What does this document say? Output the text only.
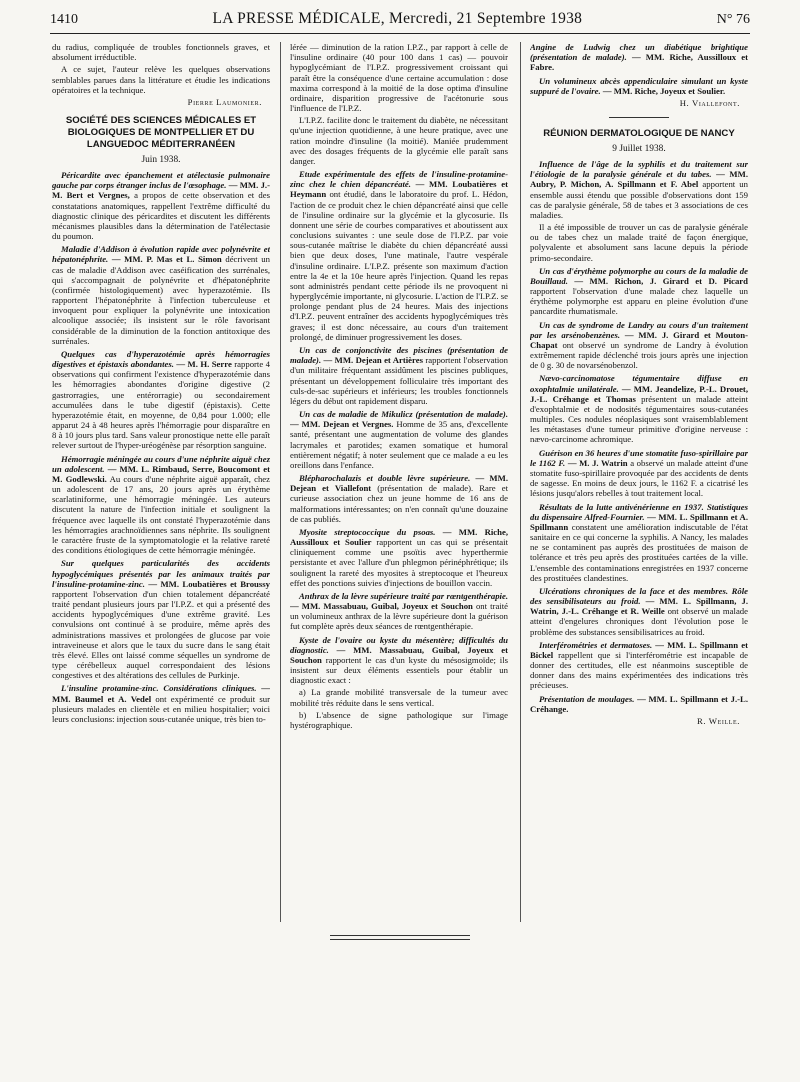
1410	LA PRESSE MÉDICALE, Mercredi, 21 Septembre 1938	N° 76

du radius, compliquée de troubles fonctionnels graves, et absolument irréductible.

A ce sujet, l'auteur relève les quelques observations semblables parues dans la littérature et étudie les indications opératoires et la technique.

Pierre Laumonier.

SOCIÉTÉ DES SCIENCES MÉDICALES ET BIOLOGIQUES DE MONTPELLIER ET DU LANGUEDOC MÉDITERRANÉEN

Juin 1938.

Péricardite avec épanchement et atélectasie pulmonaire gauche par corps étranger inclus de l'œsophage. — MM. J.-M. Bert et Vergnes, a propos de cette observation et des constatations anatomiques, rappellent l'extrême difficulté du diagnostic clinique des péricardites et discutent les différents mécanismes plausibles dans la détermination de l'atélectasie du poumon.

Maladie d'Addison à évolution rapide avec polynévrite et hépatonéphrite. — MM. P. Mas et L. Simon décrivent un cas de maladie d'Addison avec caséification des surrénales, qui s'accompagnait de polynévrite et d'hépatonéphrite (confirmée histologiquement) avec hyperazotémie. Ils rapportent l'hépatonéphrite à l'infection tuberculeuse et invoquent pour expliquer la polynévrite une intoxication alcoolique associée; ils insistent sur le rôle favorisant considérable de la diminution de la fonction antitoxique des surrénales.

Quelques cas d'hyperazotémie après hémorragies digestives et épistaxis abondantes. — M. H. Serre rapporte 4 observations qui confirment l'existence d'hyperazotémie dans les hémorragies abondantes d'origine digestive (2 gastrorragies, une entérorragie) ou secondairement accumulées dans le tube digestif (épistaxis). Cette hyperazotémie était, en moyenne, de 0,84 pour 1.000; elle apparut 24 à 48 heures après l'hémorragie pour disparaître en 8 à 10 jours plus tard. Sans valeur pronostique nette elle paraît relever surtout de l'hyper-uréogénèse par résorption sanguine.

Hémorragie méningée au cours d'une néphrite aiguë chez un adolescent. — MM. L. Rimbaud, Serre, Boucomont et M. Godlewski. Au cours d'une néphrite aiguë apparaît, chez un adolescent de 17 ans, 20 jours après un érythème scarlatiniforme, une hémorragie méningée. Les auteurs discutent la nature de l'infection initiale et soulignent la fréquence avec laquelle ils ont constaté l'hyperazotémie dans les hémorragies arachnoïdiennes sans néphrite. Ils soulignent le caractère fruste de la symptomatologie et la relative rareté des conditions étiologiques de cette hémorragie méningée.

Sur quelques particularités des accidents hypoglycémiques présentés par les animaux traités par l'insuline-protamine-zinc. — MM. Loubatières et Broussy rapportent l'observation d'un chien totalement dépancréaté traité pendant plusieurs jours par l'I.P.Z. et qui a présenté des accidents hypoglycémiques d'une extrême gravité. Les convulsions ont continué à se produire, même après des administrations massives et prolongées de glucose par voie intraveineuse et alors que le taux du sucre dans le sang était très élevé. Elles ont laissé comme séquelles un syndrome de type cérébelleux auquel correspondaient des lésions congestives et des altérations des cellules de Purkinje.

L'insuline protamine-zinc. Considérations cliniques. — MM. Baumel et A. Vedel ont expérimenté ce produit sur plusieurs malades en clientèle et en milieu hospitalier; voici leurs conclusions: injection sous-cutanée unique, très bien to-

lérée — diminution de la ration I.P.Z., par rapport à celle de l'insuline ordinaire (40 pour 100 dans 1 cas) — pouvoir hypoglycémiant de l'I.P.Z. progressivement croissant qui paraît être la conséquence d'une certaine accumulation : dose maxima correspond à la moitié de la dose optima d'insuline ordinaire, disparition progressive de l'acétonurie sous l'influence de l'I.P.Z.

L'I.P.Z. facilite donc le traitement du diabète, ne nécessitant qu'une injection quotidienne, à une heure pratique, avec une ration moindre d'insuline (la moitié). Maniée prudemment avec des dosages fréquents de la glycémie elle paraît sans danger.

Etude expérimentale des effets de l'insuline-protamine-zinc chez le chien dépancréaté. — MM. Loubatières et Heymann ont étudié, dans le laboratoire du prof. L. Hédon, l'action de ce produit chez le chien dépancréaté ainsi que celle de l'insuline ordinaire sur la glycémie et la glycosurie. Ils donnent une série de courbes comparatives et aboutissent aux conclusions suivantes : une seule dose de l'I.P.Z. par voie sous-cutanée maîtrise le diabète du chien dépancréaté aussi bien que deux doses, l'une matinale, l'autre vespérale d'insuline ordinaire. L'I.P.Z. présente son maximum d'action entre la 4e et la 10e heure après l'injection. Quand les repas sont administrés pendant cette période ils ne provoquent ni hyperglycémie importante, ni glycosurie. L'action de l'I.P.Z. se prolonge pendant plus de 24 heures. Mais des injections d'I.P.Z. peuvent entraîner des accidents hypoglycémiques très graves; il est donc nécessaire, au cours d'un traitement prolongé, de diminuer progressivement les doses.

Un cas de conjonctivite des piscines (présentation de malade). — MM. Dejean et Artières rapportent l'observation d'un militaire fréquentant assidûment les piscines publiques, présentant un développement folliculaire très important des culs-de-sac supérieurs et inférieurs; les troubles fonctionnels légers du début ont rapidement disparu.

Un cas de maladie de Mikulicz (présentation de malade). — MM. Dejean et Vergnes. Homme de 35 ans, d'excellente santé, présentant une augmentation de volume des glandes lacrymales et parotides; examen somatique et humoral entièrement négatif; à noter seulement que ce malade a eu les oreillons dans l'enfance.

Blépharochalazis et double lèvre supérieure. — MM. Dejean et Viallefont (présentation de malade). Rare et curieuse association chez un jeune homme de 16 ans de malformations intéressantes; on n'en connaît qu'une douzaine de cas publiés.

Myosite streptococcique du psoas. — MM. Riche, Aussilloux et Soulier rapportent un cas qui se présentait cliniquement comme une psoïtis avec hyperthermie persistante et avec l'allure d'un phlegmon périnéphrétique; ils soulignent la rareté des myosites à streptocoque et l'heureux effet des ponctions suivies d'injections de bouillon vaccin.

Anthrax de la lèvre supérieure traité par rœntgenthérapie. — MM. Massabuau, Guibal, Joyeux et Souchon ont traité un volumineux anthrax de la lèvre supérieure dont la guérison fut complète après deux séances de rœntgenthérapie.

Kyste de l'ovaire ou kyste du mésentère; difficultés du diagnostic. — MM. Massabuau, Guibal, Joyeux et Souchon rapportent le cas d'un kyste du mésosigmoïde; ils insistent sur deux éléments essentiels pour établir un diagnostic exact :

a) La grande mobilité transversale de la tumeur avec mobilité très réduite dans le sens vertical.

b) L'absence de signe pathologique sur l'image hystérographique.

Angine de Ludwig chez un diabétique brightique (présentation de malade). — MM. Riche, Aussilloux et Fabre.

Un volumineux abcès appendiculaire simulant un kyste suppuré de l'ovaire. — MM. Riche, Joyeux et Soulier.

H. Viallefont.

RÉUNION DERMATOLOGIQUE DE NANCY

9 Juillet 1938.

Influence de l'âge de la syphilis et du traitement sur l'étiologie de la paralysie générale et du tabes. — MM. Aubry, P. Michon, A. Spillmann et F. Abel apportent un ensemble aussi étendu que possible d'observations dont 159 cas de paralysie générale, 58 de tabes et 3 associations de ces maladies.

Il a été impossible de trouver un cas de paralysie générale ou de tabes chez un malade traité de façon énergique, polyvalente et absolument sans lacune depuis la période primo-secondaire.

Un cas d'érythème polymorphe au cours de la maladie de Bouillaud. — MM. Richon, J. Girard et D. Picard rapportent l'observation d'une malade chez laquelle un érythème polymorphe est apparu en pleine évolution d'une pancardite rhumatismale.

Un cas de syndrome de Landry au cours d'un traitement par les arsénobenzènes. — MM. J. Girard et Mouton-Chapat ont observé un syndrome de Landry à évolution extrêmement rapide déclenché trois jours après une injection de 0 g. 30 de novarsénobenzol.

Nævo-carcinomatose tégumentaire diffuse en oxophtalmie unilatérale. — MM. Jeandelize, P.-L. Drouet, J.-L. Créhange et Thomas présentent un malade atteint d'exophtalmie et de nodosités tégumentaires sous-cutanées multiples. Ces nodules néoplasiques sont vraisemblablement les métastases d'une tumeur primitive d'origine nerveuse : nævo-carcinome achromique.

Guérison en 36 heures d'une stomatite fuso-spirillaire par le 1162 F. — M. J. Watrin a observé un malade atteint d'une stomatite fuso-spirillaire provoquée par des accidents de dents de sagesse. En moins de deux jours, le 1162 F. a cicatrisé les lésions jusqu'alors rebelles à tout traitement local.

Résultats de la lutte antivénérienne en 1937. Statistiques du dispensaire Alfred-Fournier. — MM. L. Spillmann et A. Spillmann constatent une amélioration indiscutable de l'état sanitaire en ce qui concerne la syphilis. A Nancy, les malades ne se contaminent pas auprès des prostituées de maison de tolérance et très peu après des prostituées cartées de la ville. L'ensemble des contaminations enregistrées en 1937 concerne des prostituées clandestines.

Ulcérations chroniques de la face et des membres. Rôle des sensibilisateurs au froid. — MM. L. Spillmann, J. Watrin, J.-L. Créhange et R. Weille ont observé un malade atteint d'engelures chroniques dont l'évolution pose le problème des substances sensibilisatrices au froid.

Interférométries et dermatoses. — MM. L. Spillmann et Bickel rappellent que si l'interférométrie est incapable de donner des certitudes, elle est néanmoins susceptible de donner dans des mains expérimentées des indications très précieuses.

Présentation de moulages. — MM. L. Spillmann et J.-L. Créhange.

R. Weille.
